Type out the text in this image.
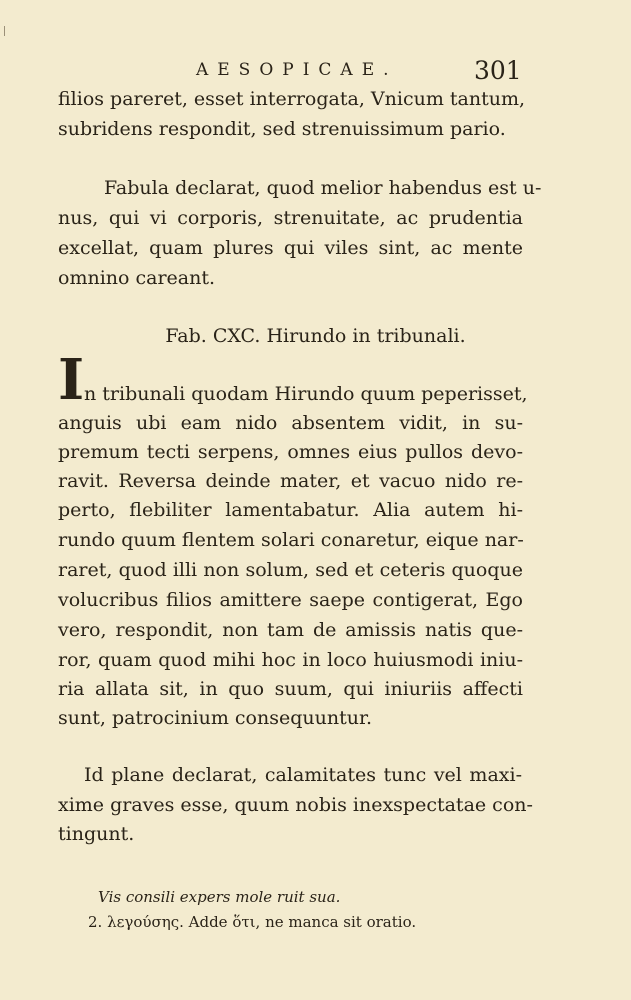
AESOPICAE.	301
filios pareret, esset interrogata, Vnicum tantum,
subridens respondit, sed strenuissimum pario.
Fabula declarat, quod melior habendus est u-
nus, qui vi corporis, strenuitate, ac prudentia
excellat, quam plures qui viles sint, ac mente
omnino careant.
Fab. CXC. Hirundo in tribunali.
I n tribunali quodam Hirundo quum peperisset,
anguis ubi eam nido absentem vidit, in su-
premum tecti serpens, omnes eius pullos devo-
ravit. Reversa deinde mater, et vacuo nido re-
perto, flebiliter lamentabatur. Alia autem hi-
rundo quum flentem solari conaretur, eique nar-
raret, quod illi non solum, sed et ceteris quoque
volucribus filios amittere saepe contigerat, Ego
vero, respondit, non tam de amissis natis que-
ror, quam quod mihi hoc in loco huiusmodi iniu-
ria allata sit, in quo suum, qui iniuriis affecti
sunt, patrocinium consequuntur.
Id plane declarat, calamitates tunc vel maxi-
xime graves esse, quum nobis inexspectatae con-
tingunt.
Vis consili expers mole ruit sua.
2. λεγούσης. Adde ὅτι, ne manca sit oratio.
